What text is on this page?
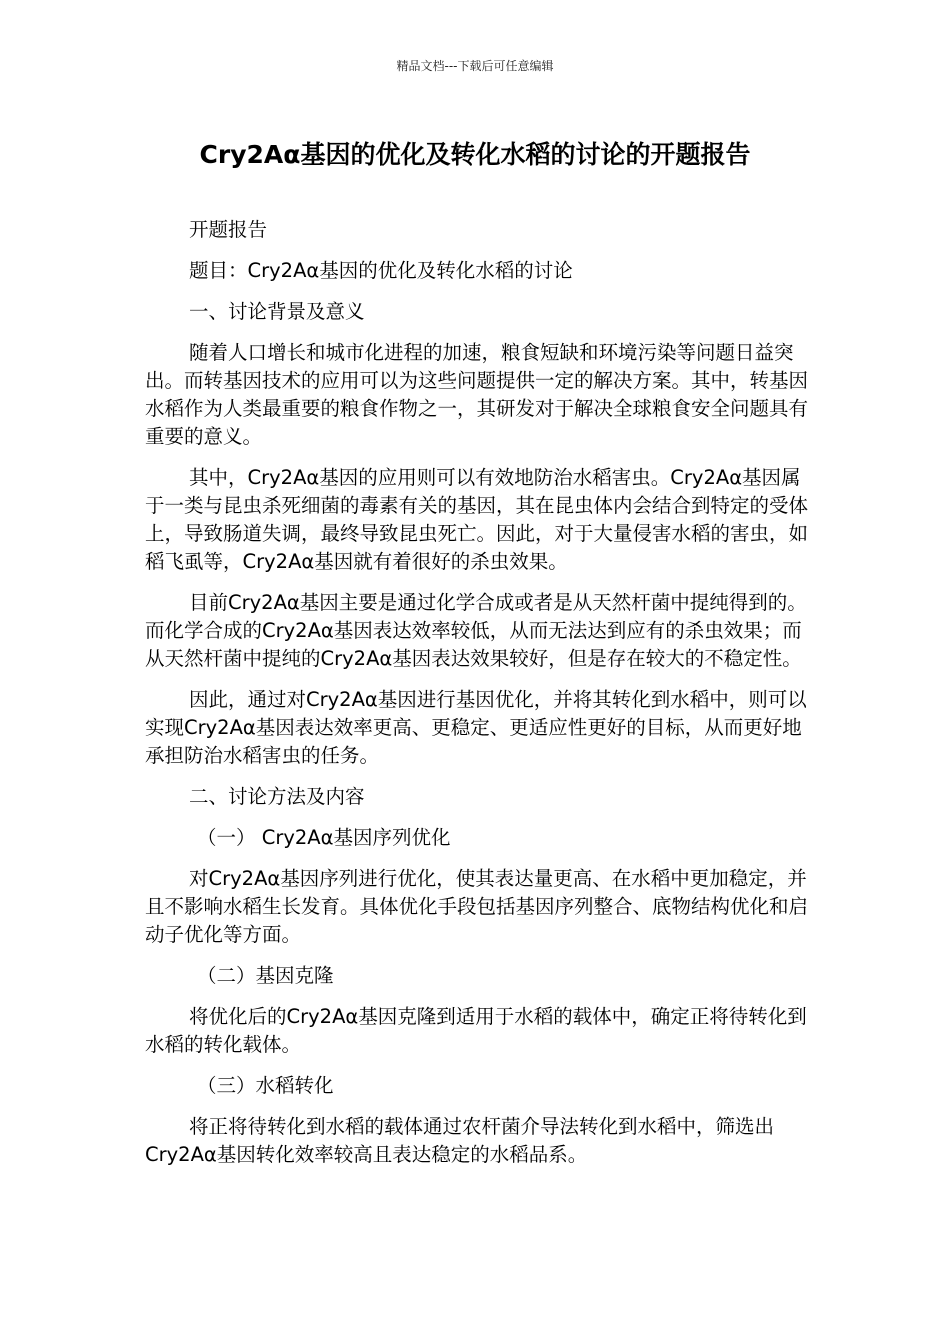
精品文档---下载后可任意编辑
Cry2Aα基因的优化及转化水稻的讨论的开题报告

开题报告

题目：Cry2Aα基因的优化及转化水稻的讨论

一、讨论背景及意义

随着人口增长和城市化进程的加速，粮食短缺和环境污染等问题日益突出。而转基因技术的应用可以为这些问题提供一定的解决方案。其中，转基因水稻作为人类最重要的粮食作物之一，其研发对于解决全球粮食安全问题具有重要的意义。

其中，Cry2Aα基因的应用则可以有效地防治水稻害虫。Cry2Aα基因属于一类与昆虫杀死细菌的毒素有关的基因，其在昆虫体内会结合到特定的受体上，导致肠道失调，最终导致昆虫死亡。因此，对于大量侵害水稻的害虫，如稻飞虱等，Cry2Aα基因就有着很好的杀虫效果。

目前Cry2Aα基因主要是通过化学合成或者是从天然杆菌中提纯得到的。而化学合成的Cry2Aα基因表达效率较低，从而无法达到应有的杀虫效果；而从天然杆菌中提纯的Cry2Aα基因表达效果较好，但是存在较大的不稳定性。

因此，通过对Cry2Aα基因进行基因优化，并将其转化到水稻中，则可以实现Cry2Aα基因表达效率更高、更稳定、更适应性更好的目标，从而更好地承担防治水稻害虫的任务。

二、讨论方法及内容

（一） Cry2Aα基因序列优化

对Cry2Aα基因序列进行优化，使其表达量更高、在水稻中更加稳定，并且不影响水稻生长发育。具体优化手段包括基因序列整合、底物结构优化和启动子优化等方面。

（二）基因克隆

将优化后的Cry2Aα基因克隆到适用于水稻的载体中，确定正将待转化到水稻的转化载体。

（三）水稻转化

将正将待转化到水稻的载体通过农杆菌介导法转化到水稻中，筛选出Cry2Aα基因转化效率较高且表达稳定的水稻品系。
